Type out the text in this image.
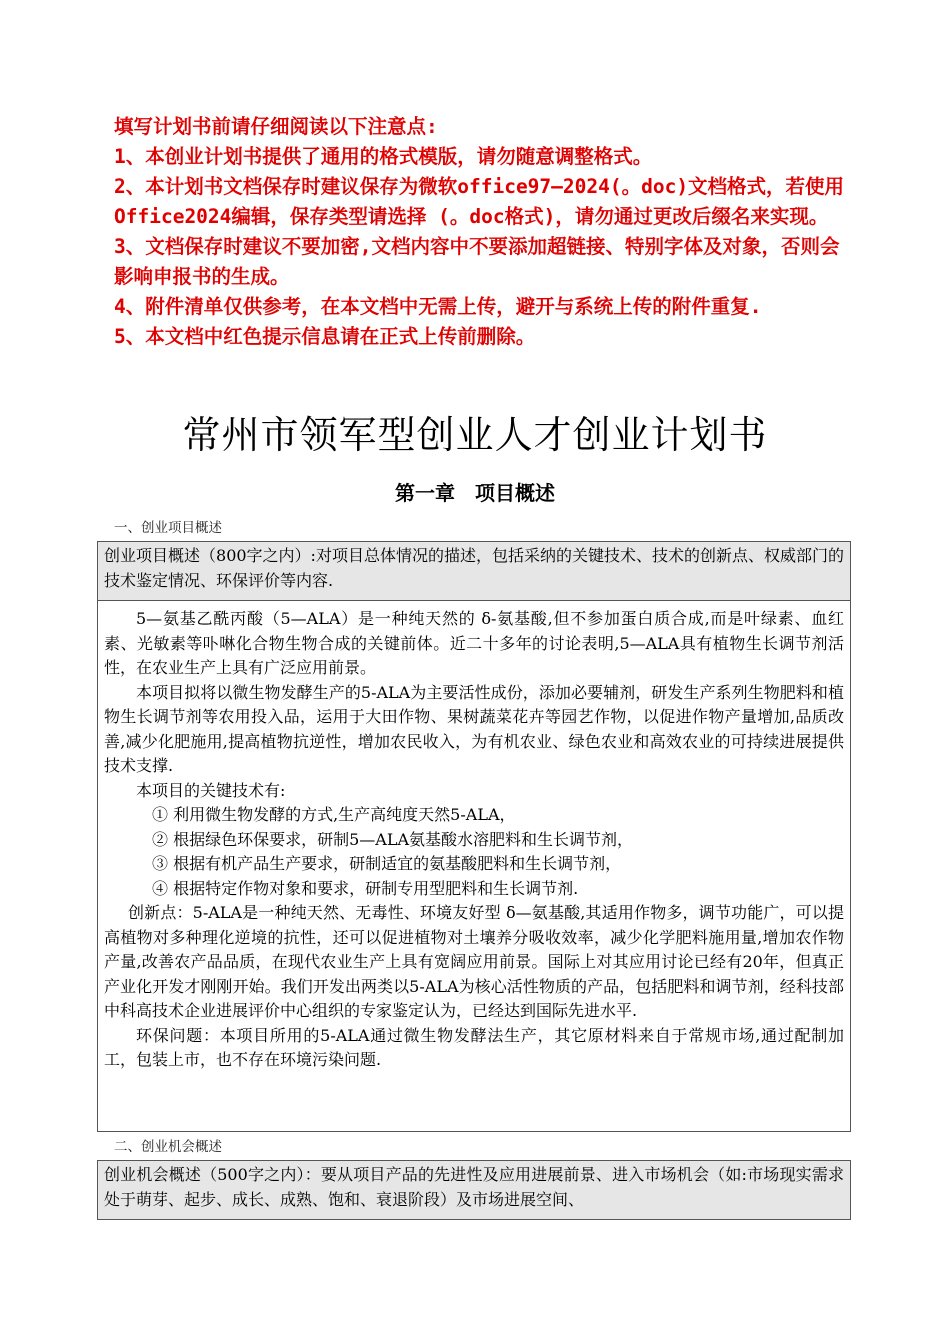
填写计划书前请仔细阅读以下注意点:

1、本创业计划书提供了通用的格式模版，请勿随意调整格式。

2、本计划书文档保存时建议保存为微软office97—2024(。doc)文档格式，若使用Office2024编辑，保存类型请选择 (。doc格式)，请勿通过更改后缀名来实现。

3、文档保存时建议不要加密,文档内容中不要添加超链接、特别字体及对象，否则会影响申报书的生成。

4、附件清单仅供参考，在本文档中无需上传，避开与系统上传的附件重复.

5、本文档中红色提示信息请在正式上传前删除。

常州市领军型创业人才创业计划书
第一章　项目概述
一、创业项目概述
创业项目概述（800字之内）:对项目总体情况的描述，包括采纳的关键技术、技术的创新点、权威部门的技术鉴定情况、环保评价等内容.

5—氨基乙酰丙酸（5—ALA）是一种纯天然的 δ-氨基酸,但不参加蛋白质合成,而是叶绿素、血红素、光敏素等卟啉化合物生物合成的关键前体。近二十多年的讨论表明,5—ALA具有植物生长调节剂活性，在农业生产上具有广泛应用前景。

本项目拟将以微生物发酵生产的5-ALA为主要活性成份，添加必要辅剂，研发生产系列生物肥料和植物生长调节剂等农用投入品，运用于大田作物、果树蔬菜花卉等园艺作物，以促进作物产量增加,品质改善,减少化肥施用,提高植物抗逆性，增加农民收入，为有机农业、绿色农业和高效农业的可持续进展提供技术支撑.

本项目的关键技术有:

① 利用微生物发酵的方式,生产高纯度天然5-ALA，

② 根据绿色环保要求，研制5—ALA氨基酸水溶肥料和生长调节剂，

③ 根据有机产品生产要求，研制适宜的氨基酸肥料和生长调节剂，

④ 根据特定作物对象和要求，研制专用型肥料和生长调节剂.

创新点：5-ALA是一种纯天然、无毒性、环境友好型 δ—氨基酸,其适用作物多，调节功能广，可以提高植物对多种理化逆境的抗性，还可以促进植物对土壤养分吸收效率，减少化学肥料施用量,增加农作物产量,改善农产品品质，在现代农业生产上具有宽阔应用前景。国际上对其应用讨论已经有20年，但真正产业化开发才刚刚开始。我们开发出两类以5-ALA为核心活性物质的产品，包括肥料和调节剂，经科技部中科高技术企业进展评价中心组织的专家鉴定认为，已经达到国际先进水平.

环保问题：本项目所用的5-ALA通过微生物发酵法生产，其它原材料来自于常规市场,通过配制加工，包装上市，也不存在环境污染问题.

二、创业机会概述
创业机会概述（500字之内）：要从项目产品的先进性及应用进展前景、进入市场机会（如:市场现实需求处于萌芽、起步、成长、成熟、饱和、衰退阶段）及市场进展空间、
